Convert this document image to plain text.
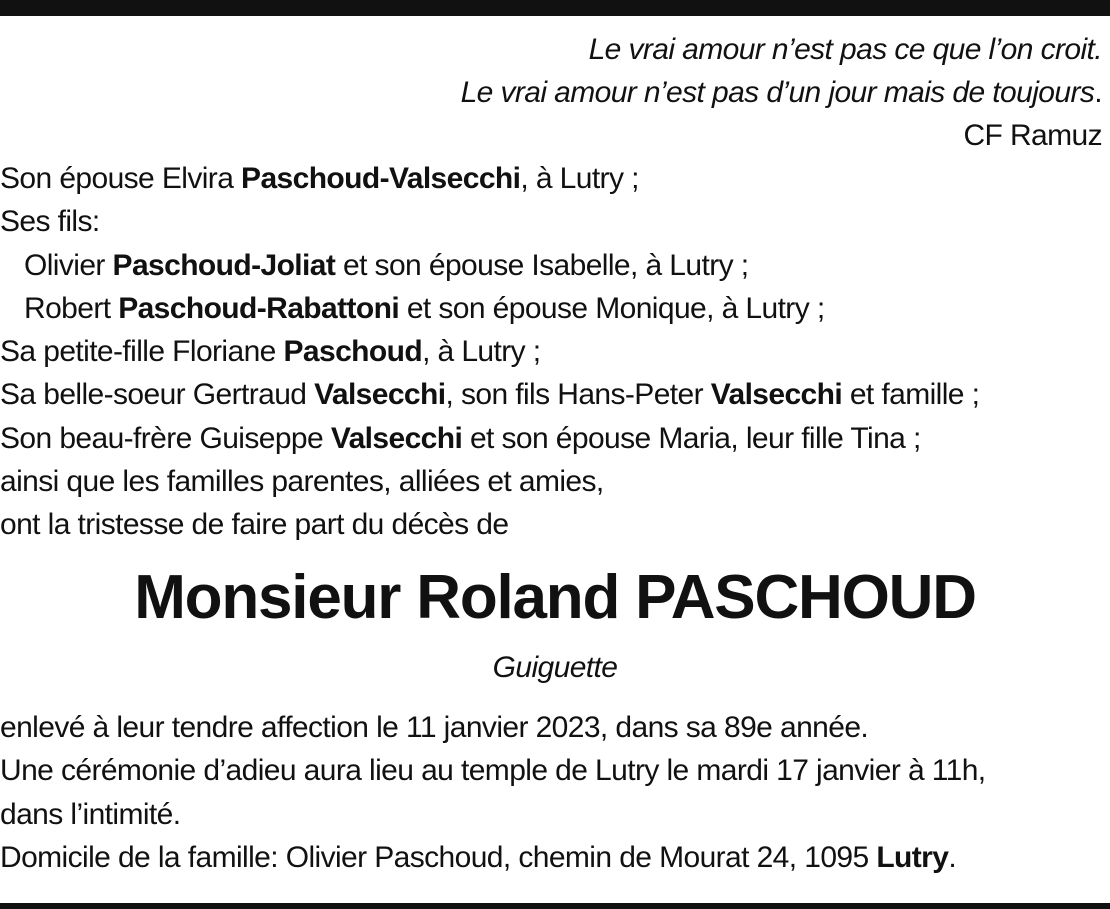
Le vrai amour n’est pas ce que l’on croit.
Le vrai amour n’est pas d’un jour mais de toujours.
CF Ramuz
Son épouse Elvira Paschoud-Valsecchi, à Lutry ;
Ses fils:
Olivier Paschoud-Joliat et son épouse Isabelle, à Lutry ;
Robert Paschoud-Rabattoni et son épouse Monique, à Lutry ;
Sa petite-fille Floriane Paschoud, à Lutry ;
Sa belle-soeur Gertraud Valsecchi, son fils Hans-Peter Valsecchi et famille ;
Son beau-frère Guiseppe Valsecchi et son épouse Maria, leur fille Tina ;
ainsi que les familles parentes, alliées et amies,
ont la tristesse de faire part du décès de
Monsieur Roland PASCHOUD
Guiguette
enlevé à leur tendre affection le 11 janvier 2023, dans sa 89e année.
Une cérémonie d’adieu aura lieu au temple de Lutry le mardi 17 janvier à 11h,
dans l’intimité.
Domicile de la famille: Olivier Paschoud, chemin de Mourat 24, 1095 Lutry.
